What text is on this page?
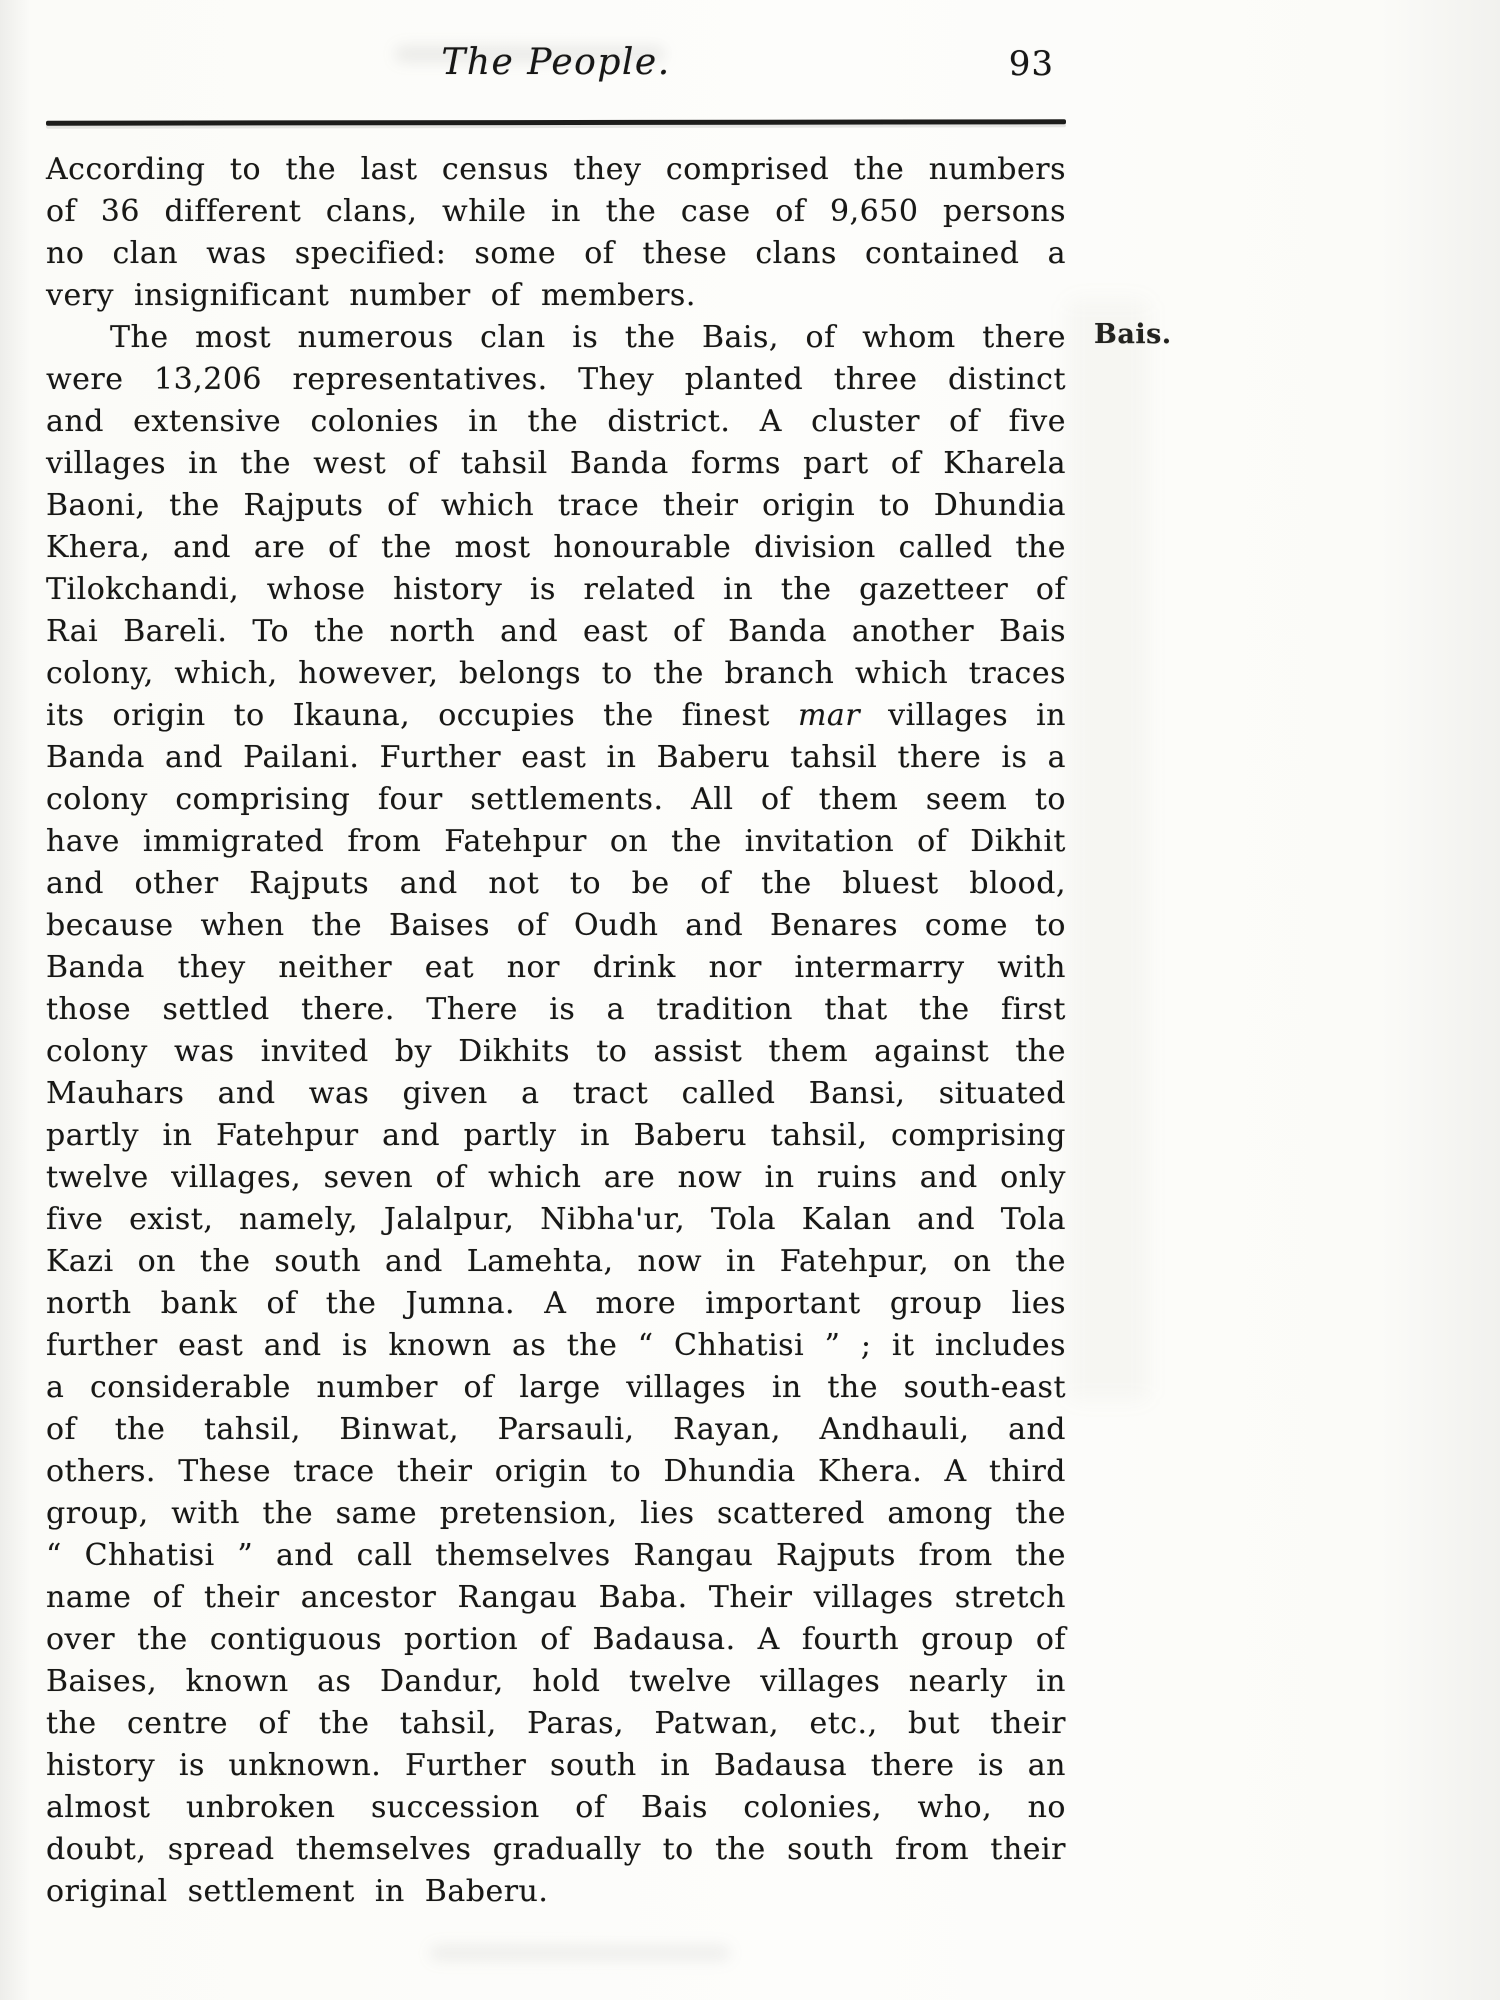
The People.	93

According to the last census they comprised the numbers of 36 different clans, while in the case of 9,650 persons no clan was specified: some of these clans contained a very insignificant number of members.

Bais.

The most numerous clan is the Bais, of whom there were 13,206 representatives. They planted three distinct and extensive colonies in the district. A cluster of five villages in the west of tahsil Banda forms part of Kharela Baoni, the Rajputs of which trace their origin to Dhundia Khera, and are of the most honourable division called the Tilokchandi, whose history is related in the gazetteer of Rai Bareli. To the north and east of Banda another Bais colony, which, however, belongs to the branch which traces its origin to Ikauna, occupies the finest mar villages in Banda and Pailani. Further east in Baberu tahsil there is a colony comprising four settlements. All of them seem to have immigrated from Fatehpur on the invitation of Dikhit and other Rajputs and not to be of the bluest blood, because when the Baises of Oudh and Benares come to Banda they neither eat nor drink nor intermarry with those settled there. There is a tradition that the first colony was invited by Dikhits to assist them against the Mauhars and was given a tract called Bansi, situated partly in Fatehpur and partly in Baberu tahsil, comprising twelve villages, seven of which are now in ruins and only five exist, namely, Jalalpur, Nibha'ur, Tola Kalan and Tola Kazi on the south and Lamehta, now in Fatehpur, on the north bank of the Jumna. A more important group lies further east and is known as the “ Chhatisi ” ; it includes a considerable number of large villages in the south-east of the tahsil, Binwat, Parsauli, Rayan, Andhauli, and others. These trace their origin to Dhundia Khera. A third group, with the same pretension, lies scattered among the “ Chhatisi ” and call themselves Rangau Rajputs from the name of their ancestor Rangau Baba. Their villages stretch over the contiguous portion of Badausa. A fourth group of Baises, known as Dandur, hold twelve villages nearly in the centre of the tahsil, Paras, Patwan, etc., but their history is unknown. Further south in Badausa there is an almost unbroken succession of Bais colonies, who, no doubt, spread themselves gradually to the south from their original settlement in Baberu.
